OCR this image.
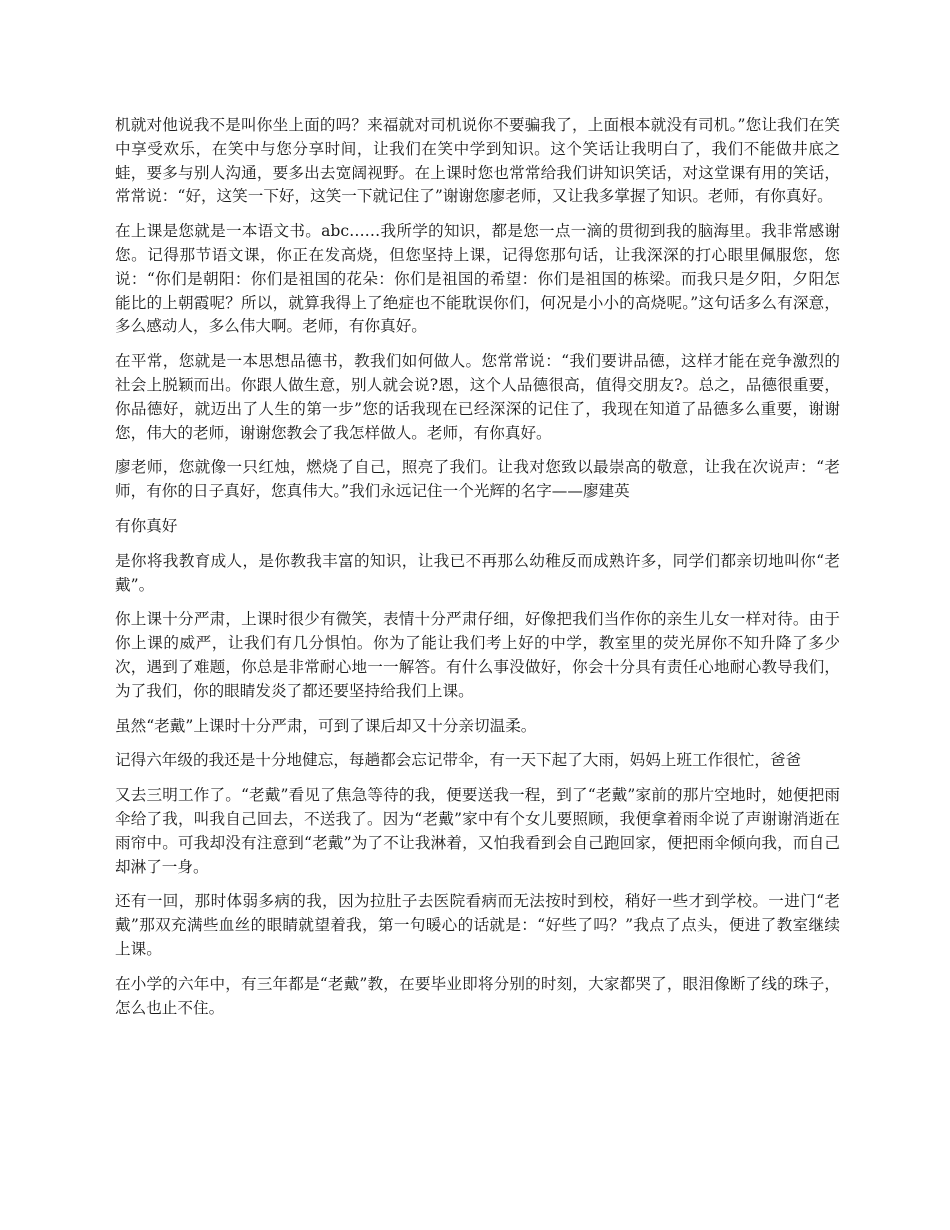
机就对他说我不是叫你坐上面的吗？来福就对司机说你不要骗我了，上面根本就没有司机。”您让我们在笑中享受欢乐，在笑中与您分享时间，让我们在笑中学到知识。这个笑话让我明白了，我们不能做井底之蛙，要多与别人沟通，要多出去宽阔视野。在上课时您也常常给我们讲知识笑话，对这堂课有用的笑话，常常说：“好，这笑一下好，这笑一下就记住了”谢谢您廖老师，又让我多掌握了知识。老师，有你真好。

在上课是您就是一本语文书。abc……我所学的知识，都是您一点一滴的贯彻到我的脑海里。我非常感谢您。记得那节语文课，你正在发高烧，但您坚持上课，记得您那句话，让我深深的打心眼里佩服您，您说：“你们是朝阳：你们是祖国的花朵：你们是祖国的希望：你们是祖国的栋梁。而我只是夕阳，夕阳怎能比的上朝霞呢？所以，就算我得上了绝症也不能耽误你们，何况是小小的高烧呢。”这句话多么有深意，多么感动人，多么伟大啊。老师，有你真好。

在平常，您就是一本思想品德书，教我们如何做人。您常常说：“我们要讲品德，这样才能在竞争激烈的社会上脱颖而出。你跟人做生意，别人就会说?恩，这个人品德很高，值得交朋友?。总之，品德很重要，你品德好，就迈出了人生的第一步”您的话我现在已经深深的记住了，我现在知道了品德多么重要，谢谢您，伟大的老师，谢谢您教会了我怎样做人。老师，有你真好。

廖老师，您就像一只红烛，燃烧了自己，照亮了我们。让我对您致以最崇高的敬意，让我在次说声：“老师，有你的日子真好，您真伟大。”我们永远记住一个光辉的名字——廖建英

有你真好

是你将我教育成人，是你教我丰富的知识，让我已不再那么幼稚反而成熟许多，同学们都亲切地叫你“老戴”。

你上课十分严肃，上课时很少有微笑，表情十分严肃仔细，好像把我们当作你的亲生儿女一样对待。由于你上课的威严，让我们有几分惧怕。你为了能让我们考上好的中学，教室里的荧光屏你不知升降了多少次，遇到了难题，你总是非常耐心地一一解答。有什么事没做好，你会十分具有责任心地耐心教导我们，为了我们，你的眼睛发炎了都还要坚持给我们上课。

虽然“老戴”上课时十分严肃，可到了课后却又十分亲切温柔。

记得六年级的我还是十分地健忘，每趟都会忘记带伞，有一天下起了大雨，妈妈上班工作很忙，爸爸

又去三明工作了。“老戴”看见了焦急等待的我，便要送我一程，到了“老戴”家前的那片空地时，她便把雨伞给了我，叫我自己回去，不送我了。因为“老戴”家中有个女儿要照顾，我便拿着雨伞说了声谢谢消逝在雨帘中。可我却没有注意到“老戴”为了不让我淋着，又怕我看到会自己跑回家，便把雨伞倾向我，而自己却淋了一身。

还有一回，那时体弱多病的我，因为拉肚子去医院看病而无法按时到校，稍好一些才到学校。一进门“老戴”那双充满些血丝的眼睛就望着我，第一句暖心的话就是：“好些了吗？”我点了点头，便进了教室继续上课。

在小学的六年中，有三年都是“老戴”教，在要毕业即将分别的时刻，大家都哭了，眼泪像断了线的珠子，怎么也止不住。
